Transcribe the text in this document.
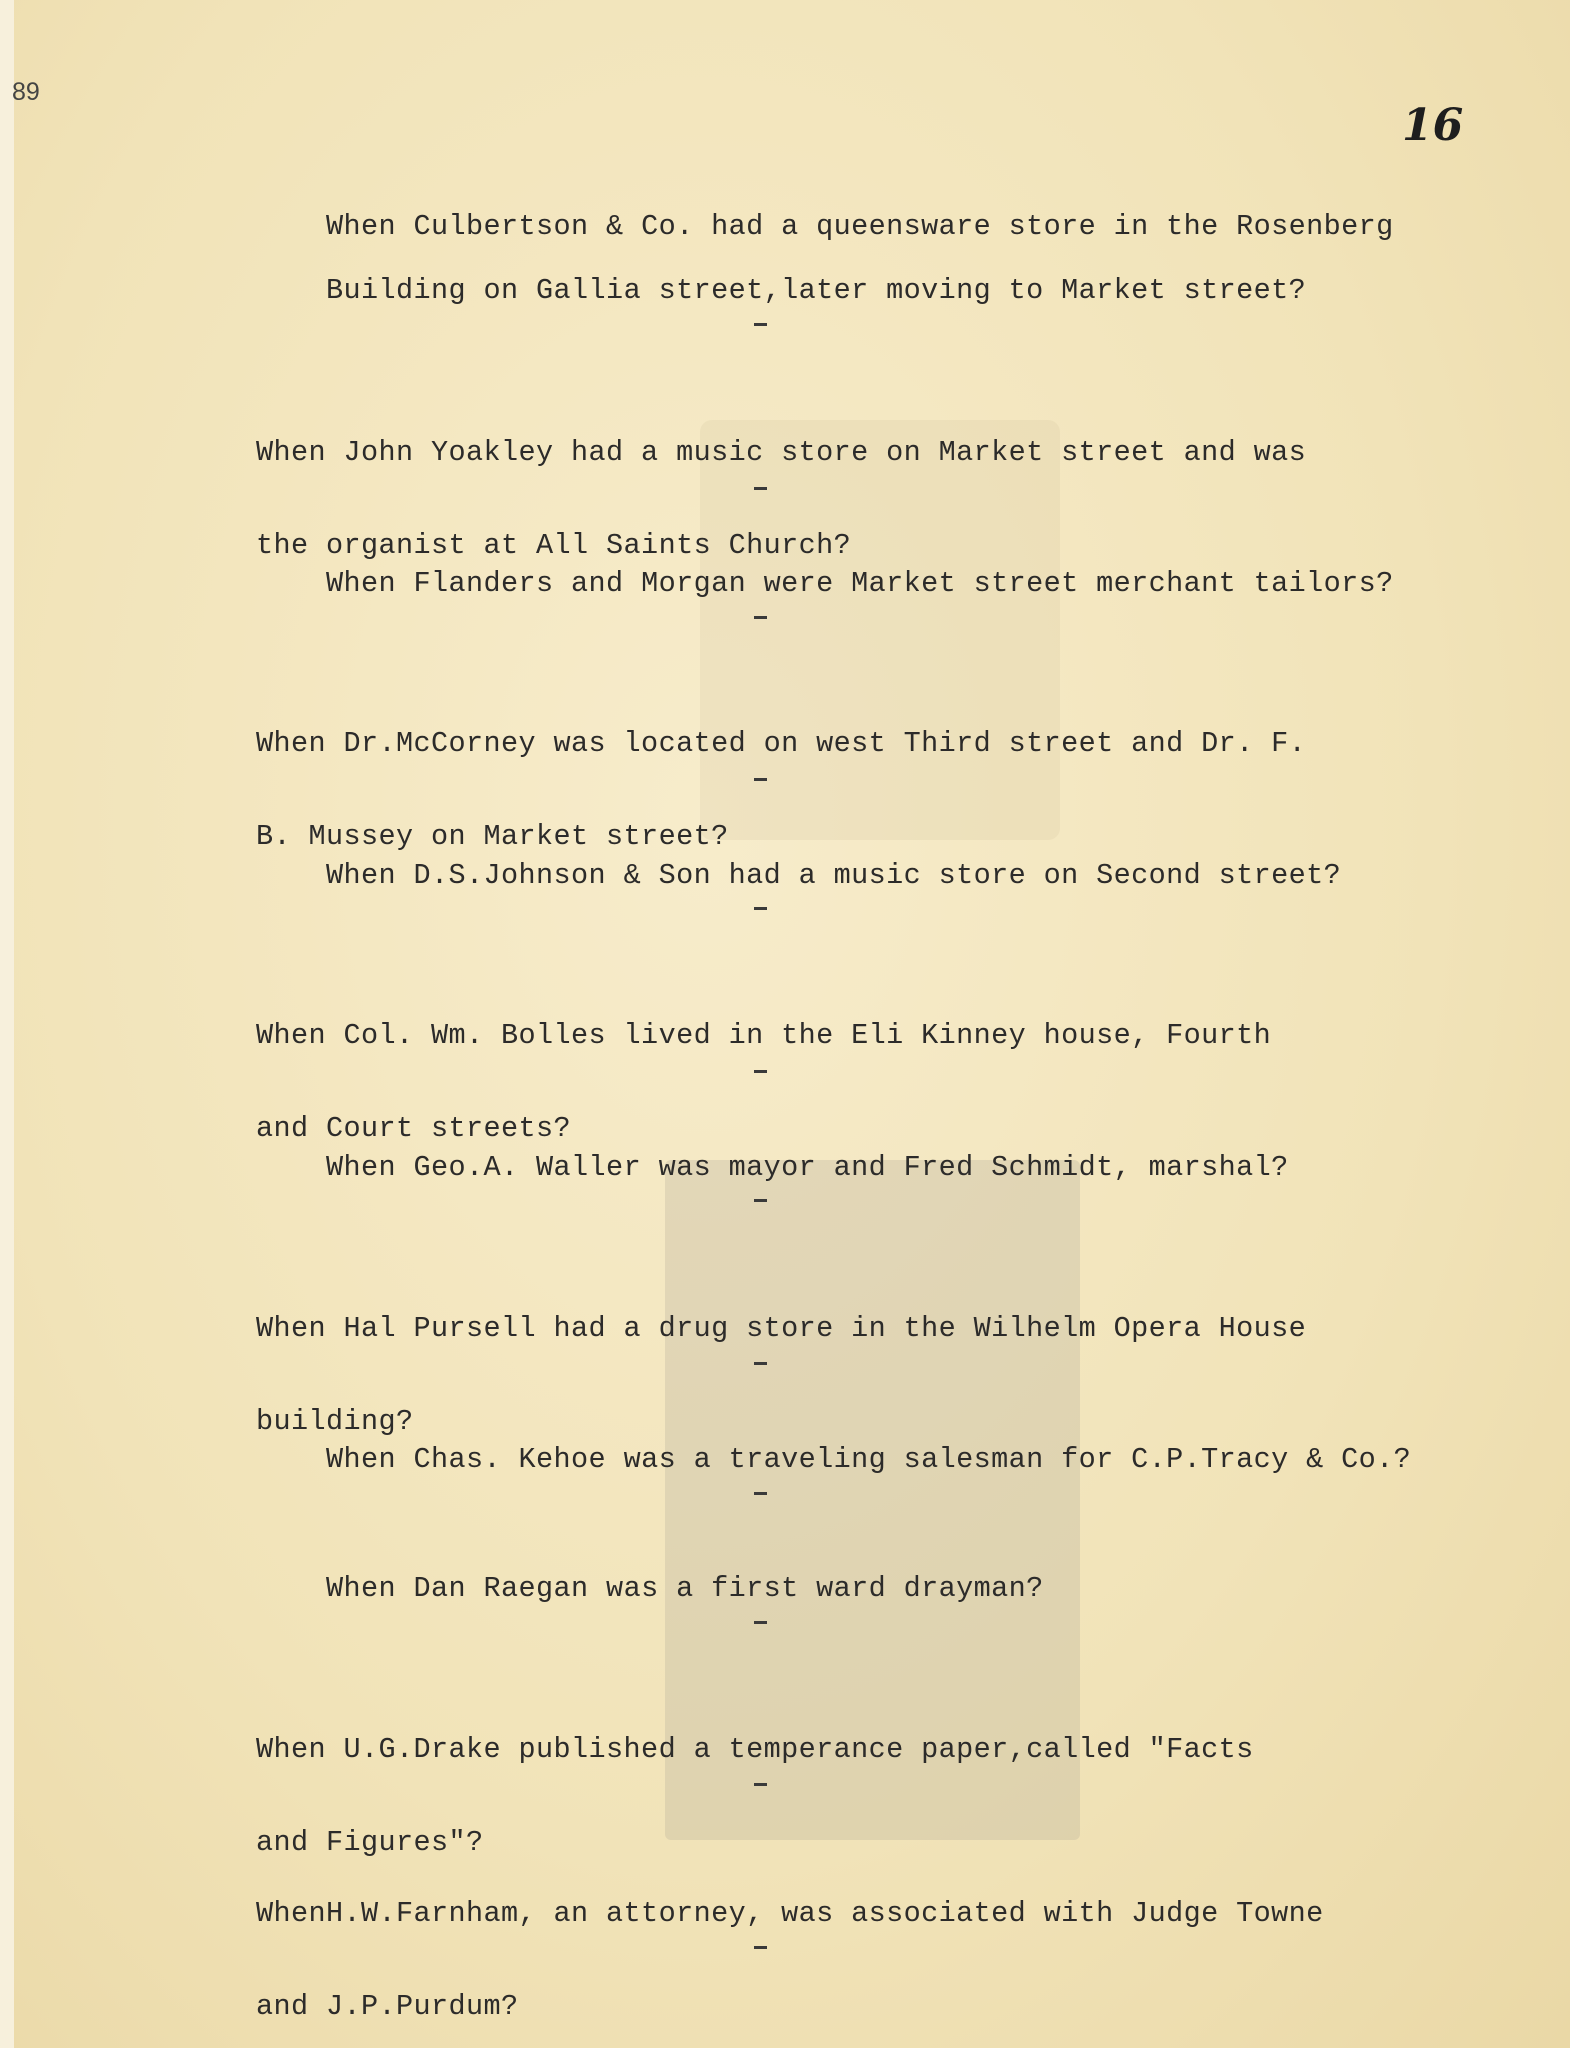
89
16

When Culbertson & Co. had a queensware store in the Rosenberg

Building on Gallia street,later moving to Market street?

When John Yoakley had a music store on Market street and was

the organist at All Saints Church?

When Flanders and Morgan were Market street merchant tailors?

When Dr.McCorney was located on west Third street and Dr. F.

B. Mussey on Market street?

When D.S.Johnson & Son had a music store on Second street?

When Col. Wm. Bolles lived in the Eli Kinney house, Fourth

and Court streets?

When Geo.A. Waller was mayor and Fred Schmidt, marshal?

When Hal Pursell had a drug store in the Wilhelm Opera House

building?

When Chas. Kehoe was a traveling salesman for C.P.Tracy & Co.?

When Dan Raegan was a first ward drayman?

When U.G.Drake published a temperance paper,called "Facts

and Figures"?

WhenH.W.Farnham, an attorney, was associated with Judge Towne

and J.P.Purdum?
